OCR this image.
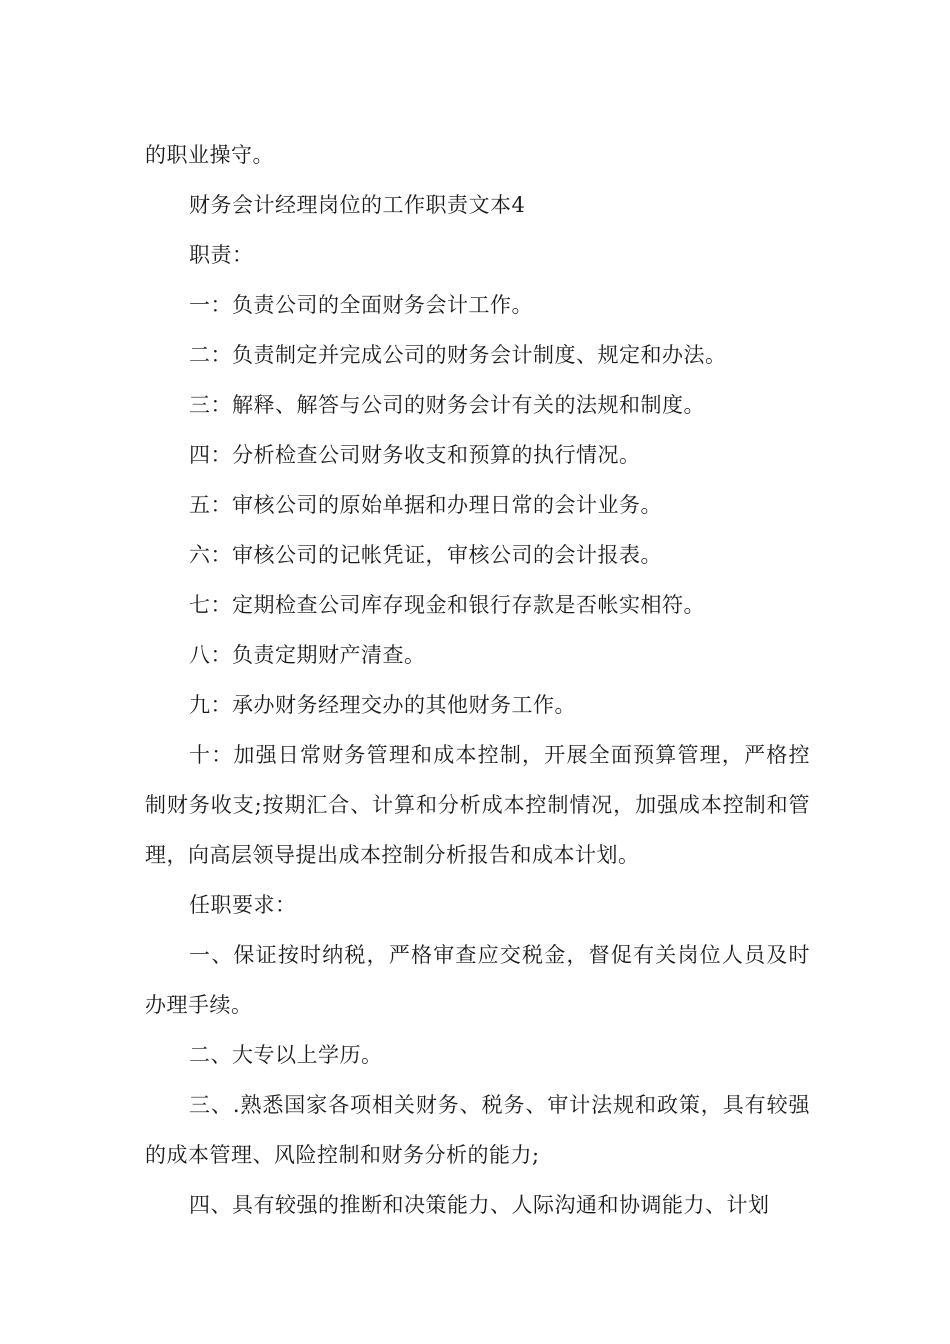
的职业操守。

财务会计经理岗位的工作职责文本4

职责：

一：负责公司的全面财务会计工作。

二：负责制定并完成公司的财务会计制度、规定和办法。

三：解释、解答与公司的财务会计有关的法规和制度。

四：分析检查公司财务收支和预算的执行情况。

五：审核公司的原始单据和办理日常的会计业务。

六：审核公司的记帐凭证，审核公司的会计报表。

七：定期检查公司库存现金和银行存款是否帐实相符。

八：负责定期财产清查。

九：承办财务经理交办的其他财务工作。

十：加强日常财务管理和成本控制，开展全面预算管理，严格控制财务收支;按期汇合、计算和分析成本控制情况，加强成本控制和管理，向高层领导提出成本控制分析报告和成本计划。

任职要求：

一、保证按时纳税，严格审查应交税金，督促有关岗位人员及时办理手续。

二、大专以上学历。

三、.熟悉国家各项相关财务、税务、审计法规和政策，具有较强的成本管理、风险控制和财务分析的能力;

四、具有较强的推断和决策能力、人际沟通和协调能力、计划
